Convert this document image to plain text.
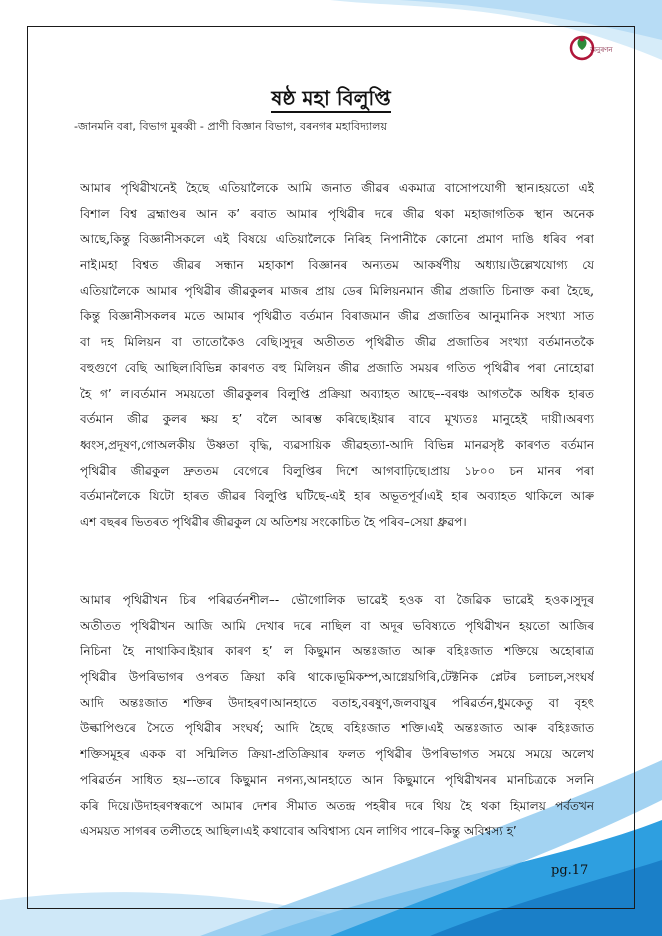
অনুৰণন
ষষ্ঠ মহা বিলুপ্তি
-জানমনি বৰা, বিভাগ মুৰব্বী - প্ৰাণী বিজ্ঞান বিভাগ, বৰনগৰ মহাবিদ্যালয়
আমাৰ পৃথিৱীখনেই হৈছে এতিয়ালৈকে আমি জনাত জীৱৰ একমাত্ৰ বাসোপযোগী স্থান।হয়তো এই
বিশাল বিশ্ব ব্ৰহ্মাণ্ডৰ আন ক’ ৰবাত আমাৰ পৃথিৱীৰ দৰে জীৱ থকা মহাজাগতিক স্থান অনেক
আছে,কিন্তু বিজ্ঞানীসকলে এই বিষয়ে এতিয়ালৈকে নিৰিহ নিপানীকৈ কোনো প্ৰমাণ দাঙি ধৰিব পৰা
নাই।মহা বিশ্বত জীৱৰ সন্ধান মহাকাশ বিজ্ঞানৰ অন্যতম আকৰ্ষণীয় অধ্যায়।উল্লেখযোগ্য যে
এতিয়ালৈকে আমাৰ পৃথিৱীৰ জীৱকুলৰ মাজৰ প্ৰায় ডেৰ মিলিয়নমান জীৱ প্ৰজাতি চিনাক্ত কৰা হৈছে,
কিন্তু বিজ্ঞানীসকলৰ মতে আমাৰ পৃথিৱীত বৰ্তমান বিৰাজমান জীৱ প্ৰজাতিৰ আনুমানিক সংখ্যা সাত
বা দহ মিলিয়ন বা তাতোকৈও বেছি।সুদূৰ অতীতত পৃথিৱীত জীৱ প্ৰজাতিৰ সংখ্যা বৰ্তমানতকৈ
বহুগুণে বেছি আছিল।বিভিন্ন কাৰণত বহু মিলিয়ন জীৱ প্ৰজাতি সময়ৰ গতিত পৃথিৱীৰ পৰা নোহোৱা
হৈ গ’ ল।বৰ্তমান সময়তো জীৱকুলৰ বিলুপ্তি প্ৰক্ৰিয়া অব্যাহত আছে–-বৰঞ্চ আগতকৈ অধিক হাৰত
বৰ্তমান জীৱ কুলৰ ক্ষয় হ’ বলৈ আৰম্ভ কৰিছে।ইয়াৰ বাবে মূখ্যতঃ মানুহেই দায়ী।অৰণ্য
ধ্বংস,প্ৰদূষণ,গোঅলকীয় উষ্ণতা বৃদ্ধি, ব্যৱসায়িক জীৱহত্যা-আদি বিভিন্ন মানৱসৃষ্ট কাৰণত বৰ্তমান
পৃথিৱীৰ জীৱকুল দ্ৰুততম বেগেৰে বিলুপ্তিৰ দিশে আগবাঢ়িছে।প্ৰায় ১৮০০ চন মানৰ পৰা
বৰ্তমানলৈকে যিটো হাৰত জীৱৰ বিলুপ্তি ঘটিছে-এই হাৰ অভূতপূৰ্ব।এই হাৰ অব্যাহত থাকিলে আৰু
এশ বছৰৰ ভিতৰত পৃথিৱীৰ জীৱকুল যে অতিশয় সংকোচিত হৈ পৰিব–সেয়া ধ্ৰুৱপ।
আমাৰ পৃথিৱীখন চিৰ পৰিৱৰ্তনশীল–- ভৌগোলিক ভাৱেই হওক বা জৈৱিক ভাৱেই হওক।সুদূৰ
অতীতত পৃথিৱীখন আজি আমি দেখাৰ দৰে নাছিল বা অদূৰ ভবিষ্যতে পৃথিৱীখন হয়তো আজিৰ
নিচিনা হৈ নাথাকিব।ইয়াৰ কাৰণ হ’ ল কিছুমান অন্তঃজাত আৰু বহিঃজাত শক্তিয়ে অহোৰাত্ৰ
পৃথিৱীৰ উপৰিভাগৰ ওপৰত ক্ৰিয়া কৰি থাকে।ভূমিকম্প,আগ্নেয়গিৰি,টেক্টনিক প্লেটৰ চলাচল,সংঘৰ্ষ
আদি অন্তঃজাত শক্তিৰ উদাহৰণ।আনহাতে বতাহ,বৰষুণ,জলবায়ুৰ পৰিৱৰ্তন,ধুমকেতু বা বৃহৎ
উল্কাপিণ্ডৰে সৈতে পৃথিৱীৰ সংঘৰ্ষ; আদি হৈছে বহিঃজাত শক্তি।এই অন্তঃজাত আৰু বহিঃজাত
শক্তিসমূহৰ একক বা সন্মিলিত ক্ৰিয়া-প্ৰতিক্ৰিয়াৰ ফলত পৃথিৱীৰ উপৰিভাগত সময়ে সময়ে অলেখ
পৰিৱৰ্তন সাধিত হয়–-তাৰে কিছুমান নগন্য,আনহাতে আন কিছুমানে পৃথিৱীখনৰ মানচিত্ৰকে সলনি
কৰি দিয়ে।উদাহৰণস্বৰূপে আমাৰ দেশৰ সীমাত অতন্দ্ৰ পহৰীৰ দৰে থিয় হৈ থকা হিমালয় পৰ্বতখন
এসময়ত সাগৰৰ তলীতহে আছিল।এই কথাবোৰ অবিশ্বাস্য যেন লাগিব পাৰে–কিন্তু অবিশ্বস্য হ’
pg.17
